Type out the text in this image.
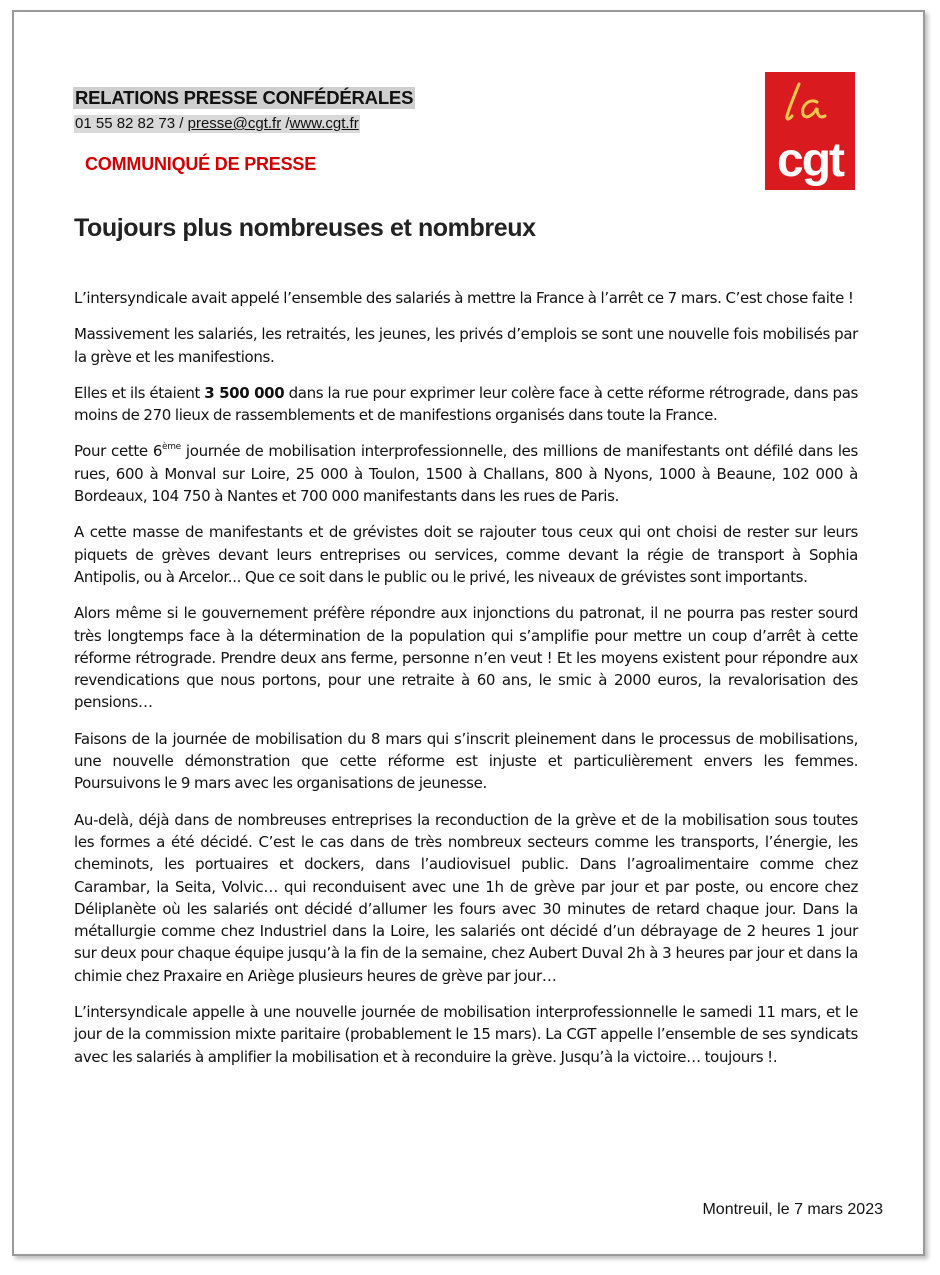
RELATIONS PRESSE CONFÉDÉRALES
01 55 82 82 73 / presse@cgt.fr /www.cgt.fr
COMMUNIQUÉ DE PRESSE	cgt
Toujours plus nombreuses et nombreux

L’intersyndicale avait appelé l’ensemble des salariés à mettre la France à l’arrêt ce 7 mars. C’est chose faite !

Massivement les salariés, les retraités, les jeunes, les privés d’emplois se sont une nouvelle fois mobilisés par la grève et les manifestions.

Elles et ils étaient 3 500 000 dans la rue pour exprimer leur colère face à cette réforme rétrograde, dans pas moins de 270 lieux de rassemblements et de manifestions organisés dans toute la France.

Pour cette 6ème journée de mobilisation interprofessionnelle, des millions de manifestants ont défilé dans les rues, 600 à Monval sur Loire, 25 000 à Toulon, 1500 à Challans, 800 à Nyons, 1000 à Beaune, 102 000 à Bordeaux, 104 750 à Nantes et 700 000 manifestants dans les rues de Paris.

A cette masse de manifestants et de grévistes doit se rajouter tous ceux qui ont choisi de rester sur leurs piquets de grèves devant leurs entreprises ou services, comme devant la régie de transport à Sophia Antipolis, ou à Arcelor... Que ce soit dans le public ou le privé, les niveaux de grévistes sont importants.

Alors même si le gouvernement préfère répondre aux injonctions du patronat, il ne pourra pas rester sourd très longtemps face à la détermination de la population qui s’amplifie pour mettre un coup d’arrêt à cette réforme rétrograde. Prendre deux ans ferme, personne n’en veut ! Et les moyens existent pour répondre aux revendications que nous portons, pour une retraite à 60 ans, le smic à 2000 euros, la revalorisation des pensions…

Faisons de la journée de mobilisation du 8 mars qui s’inscrit pleinement dans le processus de mobilisations, une nouvelle démonstration que cette réforme est injuste et particulièrement envers les femmes. Poursuivons le 9 mars avec les organisations de jeunesse.

Au-delà, déjà dans de nombreuses entreprises la reconduction de la grève et de la mobilisation sous toutes les formes a été décidé. C’est le cas dans de très nombreux secteurs comme les transports, l’énergie, les cheminots, les portuaires et dockers, dans l’audiovisuel public. Dans l’agroalimentaire comme chez Carambar, la Seita, Volvic… qui reconduisent avec une 1h de grève par jour et par poste, ou encore chez Déliplanète où les salariés ont décidé d’allumer les fours avec 30 minutes de retard chaque jour. Dans la métallurgie comme chez Industriel dans la Loire, les salariés ont décidé d’un débrayage de 2 heures 1 jour sur deux pour chaque équipe jusqu’à la fin de la semaine, chez Aubert Duval 2h à 3 heures par jour et dans la chimie chez Praxaire en Ariège plusieurs heures de grève par jour…

L’intersyndicale appelle à une nouvelle journée de mobilisation interprofessionnelle le samedi 11 mars, et le jour de la commission mixte paritaire (probablement le 15 mars). La CGT appelle l’ensemble de ses syndicats avec les salariés à amplifier la mobilisation et à reconduire la grève. Jusqu’à la victoire… toujours !.

Montreuil, le 7 mars 2023
